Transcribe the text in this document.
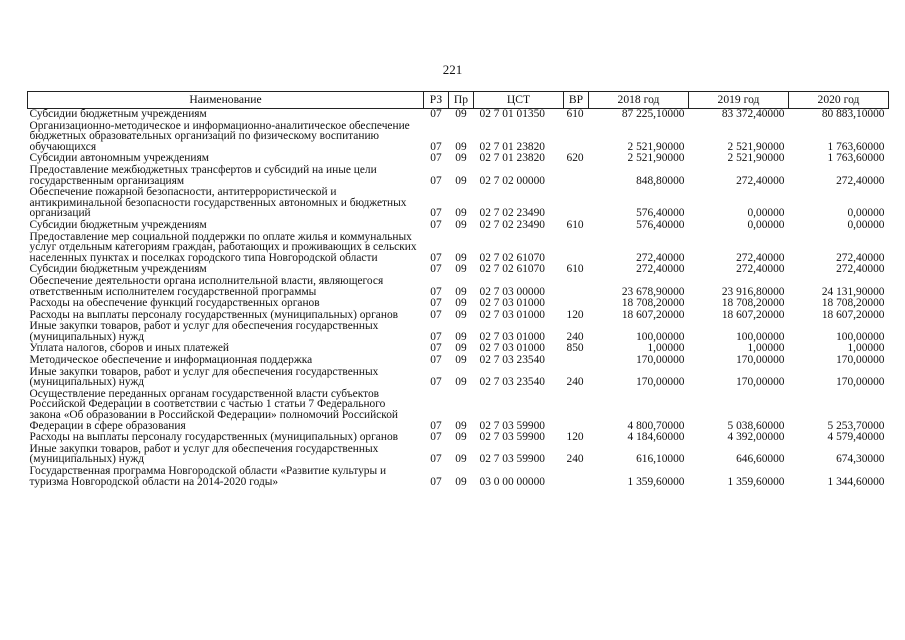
221
Наименование	РЗ	Пр	ЦСТ	ВР	2018 год	2019 год	2020 год
Субсидии бюджетным учреждениям	07	09	02 7 01 01350	610	87 225,10000	83 372,40000	80 883,10000
Организационно-методическое и информационно-аналитическое обеспечение бюджетных образовательных организаций по физическому воспитанию обучающихся	07	09	02 7 01 23820		2 521,90000	2 521,90000	1 763,60000
Субсидии автономным учреждениям	07	09	02 7 01 23820	620	2 521,90000	2 521,90000	1 763,60000
Предоставление межбюджетных трансфертов и субсидий на иные цели государственным организациям	07	09	02 7 02 00000		848,80000	272,40000	272,40000
Обеспечение пожарной безопасности, антитеррористической и антикриминальной безопасности государственных автономных и бюджетных организаций	07	09	02 7 02 23490		576,40000	0,00000	0,00000
Субсидии бюджетным учреждениям	07	09	02 7 02 23490	610	576,40000	0,00000	0,00000
Предоставление мер социальной поддержки по оплате жилья и коммунальных услуг отдельным категориям граждан, работающих и проживающих в сельских населенных пунктах и поселках городского типа Новгородской области	07	09	02 7 02 61070		272,40000	272,40000	272,40000
Субсидии бюджетным учреждениям	07	09	02 7 02 61070	610	272,40000	272,40000	272,40000
Обеспечение деятельности органа исполнительной власти, являющегося ответственным исполнителем государственной программы	07	09	02 7 03 00000		23 678,90000	23 916,80000	24 131,90000
Расходы на обеспечение функций государственных органов	07	09	02 7 03 01000		18 708,20000	18 708,20000	18 708,20000
Расходы на выплаты персоналу государственных (муниципальных) органов	07	09	02 7 03 01000	120	18 607,20000	18 607,20000	18 607,20000
Иные закупки товаров, работ и услуг для обеспечения государственных (муниципальных) нужд	07	09	02 7 03 01000	240	100,00000	100,00000	100,00000
Уплата налогов, сборов и иных платежей	07	09	02 7 03 01000	850	1,00000	1,00000	1,00000
Методическое обеспечение и информационная поддержка	07	09	02 7 03 23540		170,00000	170,00000	170,00000
Иные закупки товаров, работ и услуг для обеспечения государственных (муниципальных) нужд	07	09	02 7 03 23540	240	170,00000	170,00000	170,00000
Осуществление переданных органам государственной власти субъектов Российской Федерации в соответствии с частью 1 статьи 7 Федерального закона «Об образовании в Российской Федерации» полномочий Российской Федерации в сфере образования	07	09	02 7 03 59900		4 800,70000	5 038,60000	5 253,70000
Расходы на выплаты персоналу государственных (муниципальных) органов	07	09	02 7 03 59900	120	4 184,60000	4 392,00000	4 579,40000
Иные закупки товаров, работ и услуг для обеспечения государственных (муниципальных) нужд	07	09	02 7 03 59900	240	616,10000	646,60000	674,30000
Государственная программа Новгородской области «Развитие культуры и туризма Новгородской области на 2014-2020 годы»	07	09	03 0 00 00000		1 359,60000	1 359,60000	1 344,60000
